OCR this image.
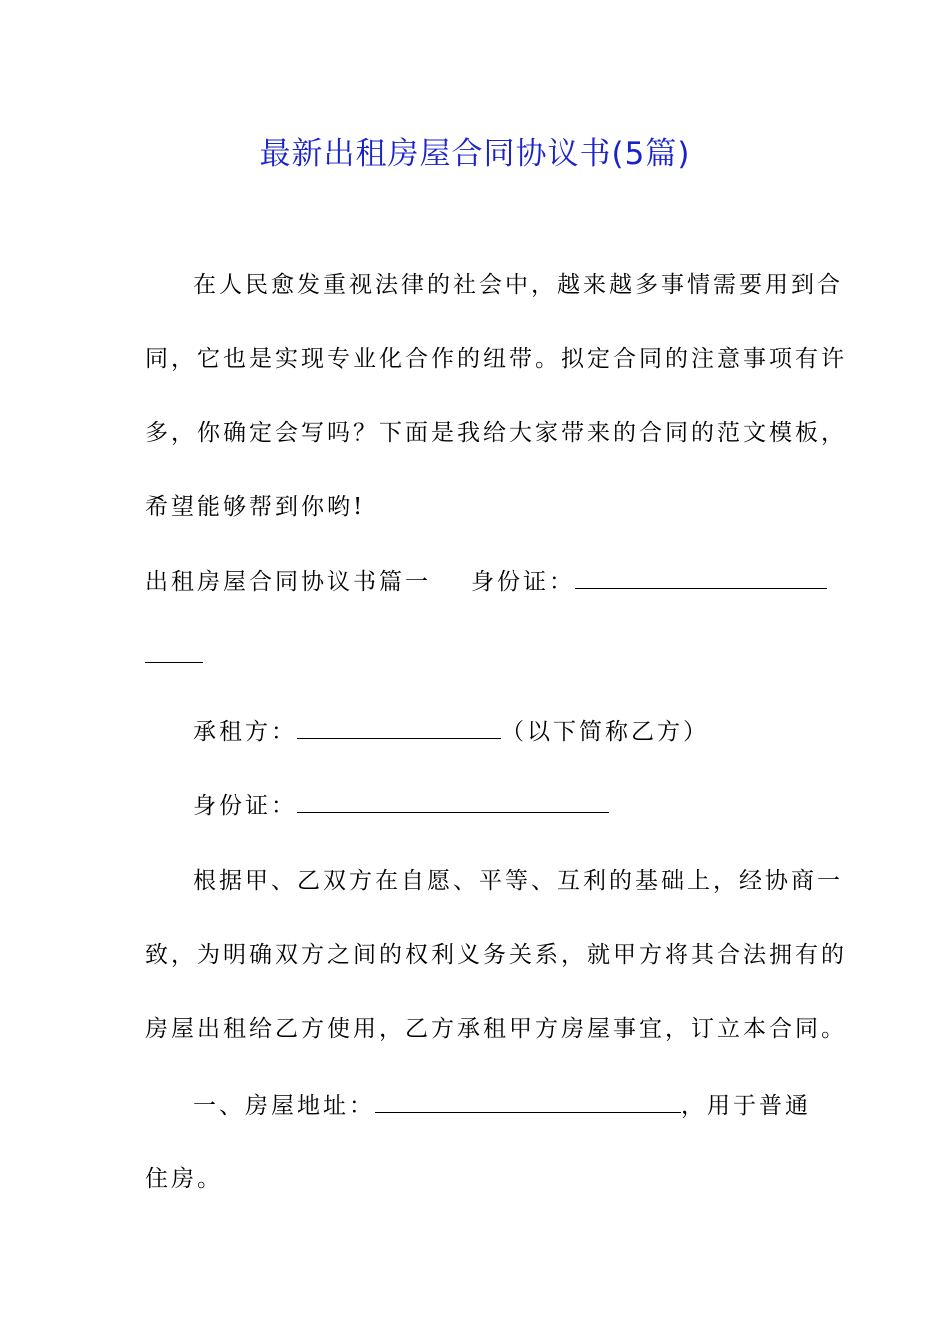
最新出租房屋合同协议书(5篇)
在人民愈发重视法律的社会中，越来越多事情需要用到合
同，它也是实现专业化合作的纽带。拟定合同的注意事项有许
多，你确定会写吗？下面是我给大家带来的合同的范文模板，
希望能够帮到你哟!
出租房屋合同协议书篇一 身份证：
承租方：	（以下简称乙方）
身份证：
根据甲、乙双方在自愿、平等、互利的基础上，经协商一
致，为明确双方之间的权利义务关系，就甲方将其合法拥有的
房屋出租给乙方使用，乙方承租甲方房屋事宜，订立本合同。
一、房屋地址：	，用于普通
住房。
